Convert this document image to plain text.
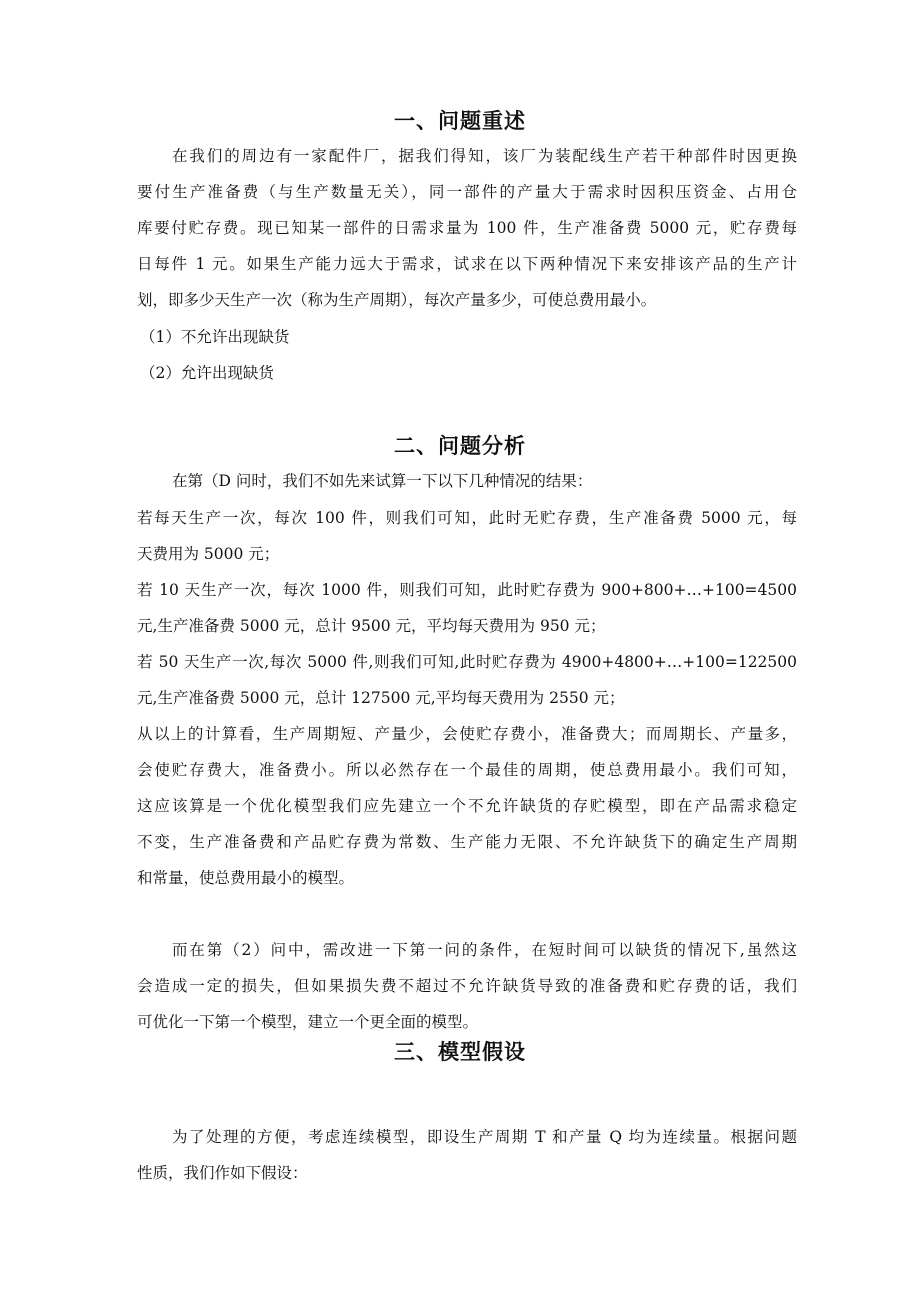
一、问题重述
在我们的周边有一家配件厂，据我们得知，该厂为装配线生产若干种部件时因更换
要付生产准备费（与生产数量无关），同一部件的产量大于需求时因积压资金、占用仓
库要付贮存费。现已知某一部件的日需求量为 100 件，生产准备费 5000 元，贮存费每
日每件 1 元。如果生产能力远大于需求，试求在以下两种情况下来安排该产品的生产计
划，即多少天生产一次（称为生产周期），每次产量多少，可使总费用最小。
（1）不允许出现缺货
（2）允许出现缺货
二、问题分析
在第（D 问时，我们不如先来试算一下以下几种情况的结果：
若每天生产一次，每次 100 件，则我们可知，此时无贮存费，生产准备费 5000 元，每
天费用为 5000 元；
若 10 天生产一次，每次 1000 件，则我们可知，此时贮存费为 900+800+…+100=4500
元,生产准备费 5000 元，总计 9500 元，平均每天费用为 950 元；
若 50 天生产一次,每次 5000 件,则我们可知,此时贮存费为 4900+4800+…+100=122500
元,生产准备费 5000 元，总计 127500 元,平均每天费用为 2550 元；
从以上的计算看，生产周期短、产量少，会使贮存费小，准备费大；而周期长、产量多，
会使贮存费大，准备费小。所以必然存在一个最佳的周期，使总费用最小。我们可知，
这应该算是一个优化模型我们应先建立一个不允许缺货的存贮模型，即在产品需求稳定
不变，生产准备费和产品贮存费为常数、生产能力无限、不允许缺货下的确定生产周期
和常量，使总费用最小的模型。
而在第（2）问中，需改进一下第一问的条件，在短时间可以缺货的情况下,虽然这
会造成一定的损失，但如果损失费不超过不允许缺货导致的准备费和贮存费的话，我们
可优化一下第一个模型，建立一个更全面的模型。
三、模型假设
为了处理的方便，考虑连续模型，即设生产周期 T 和产量 Q 均为连续量。根据问题
性质，我们作如下假设：
